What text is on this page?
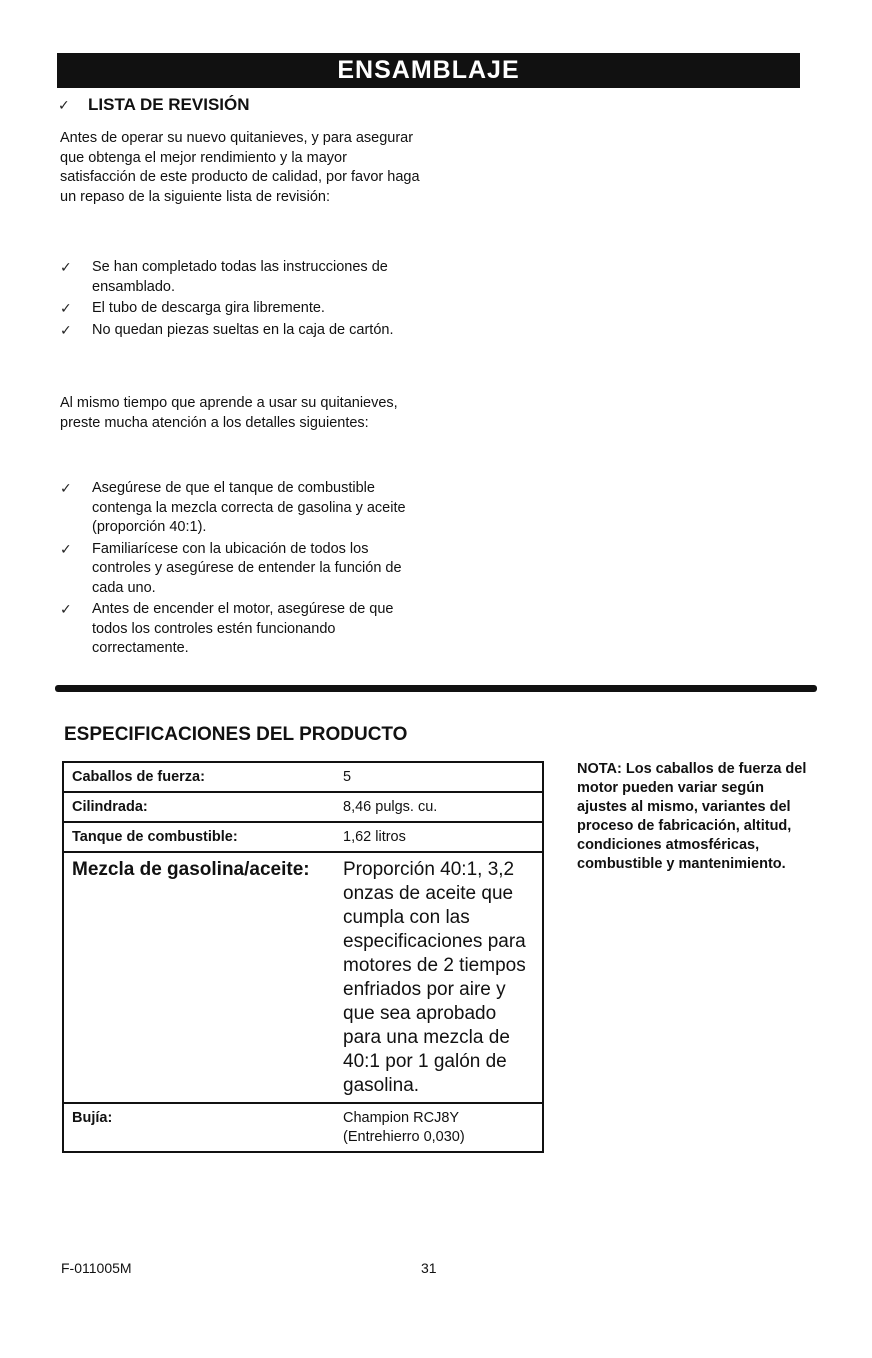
ENSAMBLAJE
✓ LISTA DE REVISIÓN

Antes de operar su nuevo quitanieves, y para asegurar que obtenga el mejor rendimiento y la mayor satisfacción de este producto de calidad, por favor haga un repaso de la siguiente lista de revisión:

✓	Se han completado todas las instrucciones de ensamblado.
✓	El tubo de descarga gira libremente.
✓	No quedan piezas sueltas en la caja de cartón.

Al mismo tiempo que aprende a usar su quitanieves, preste mucha atención a los detalles siguientes:

✓	Asegúrese de que el tanque de combustible contenga la mezcla correcta de gasolina y aceite (proporción 40:1).
✓	Familiarícese con la ubicación de todos los controles y asegúrese de entender la función de cada uno.
✓	Antes de encender el motor, asegúrese de que todos los controles estén funcionando correctamente.
ESPECIFICACIONES DEL PRODUCTO
Caballos de fuerza:	5
Cilindrada:	8,46 pulgs. cu.
Tanque de combustible:	1,62 litros
Mezcla de gasolina/aceite:	Proporción 40:1, 3,2 onzas de aceite que cumpla con las especificaciones para motores de 2 tiempos enfriados por aire y que sea aprobado para una mezcla de 40:1 por 1 galón de gasolina.
Bujía:	Champion RCJ8Y (Entrehierro 0,030)
NOTA: Los caballos de fuerza del motor pueden variar según ajustes al mismo, variantes del proceso de fabricación, altitud, condiciones atmosféricas, combustible y mantenimiento.
F-011005M	31
